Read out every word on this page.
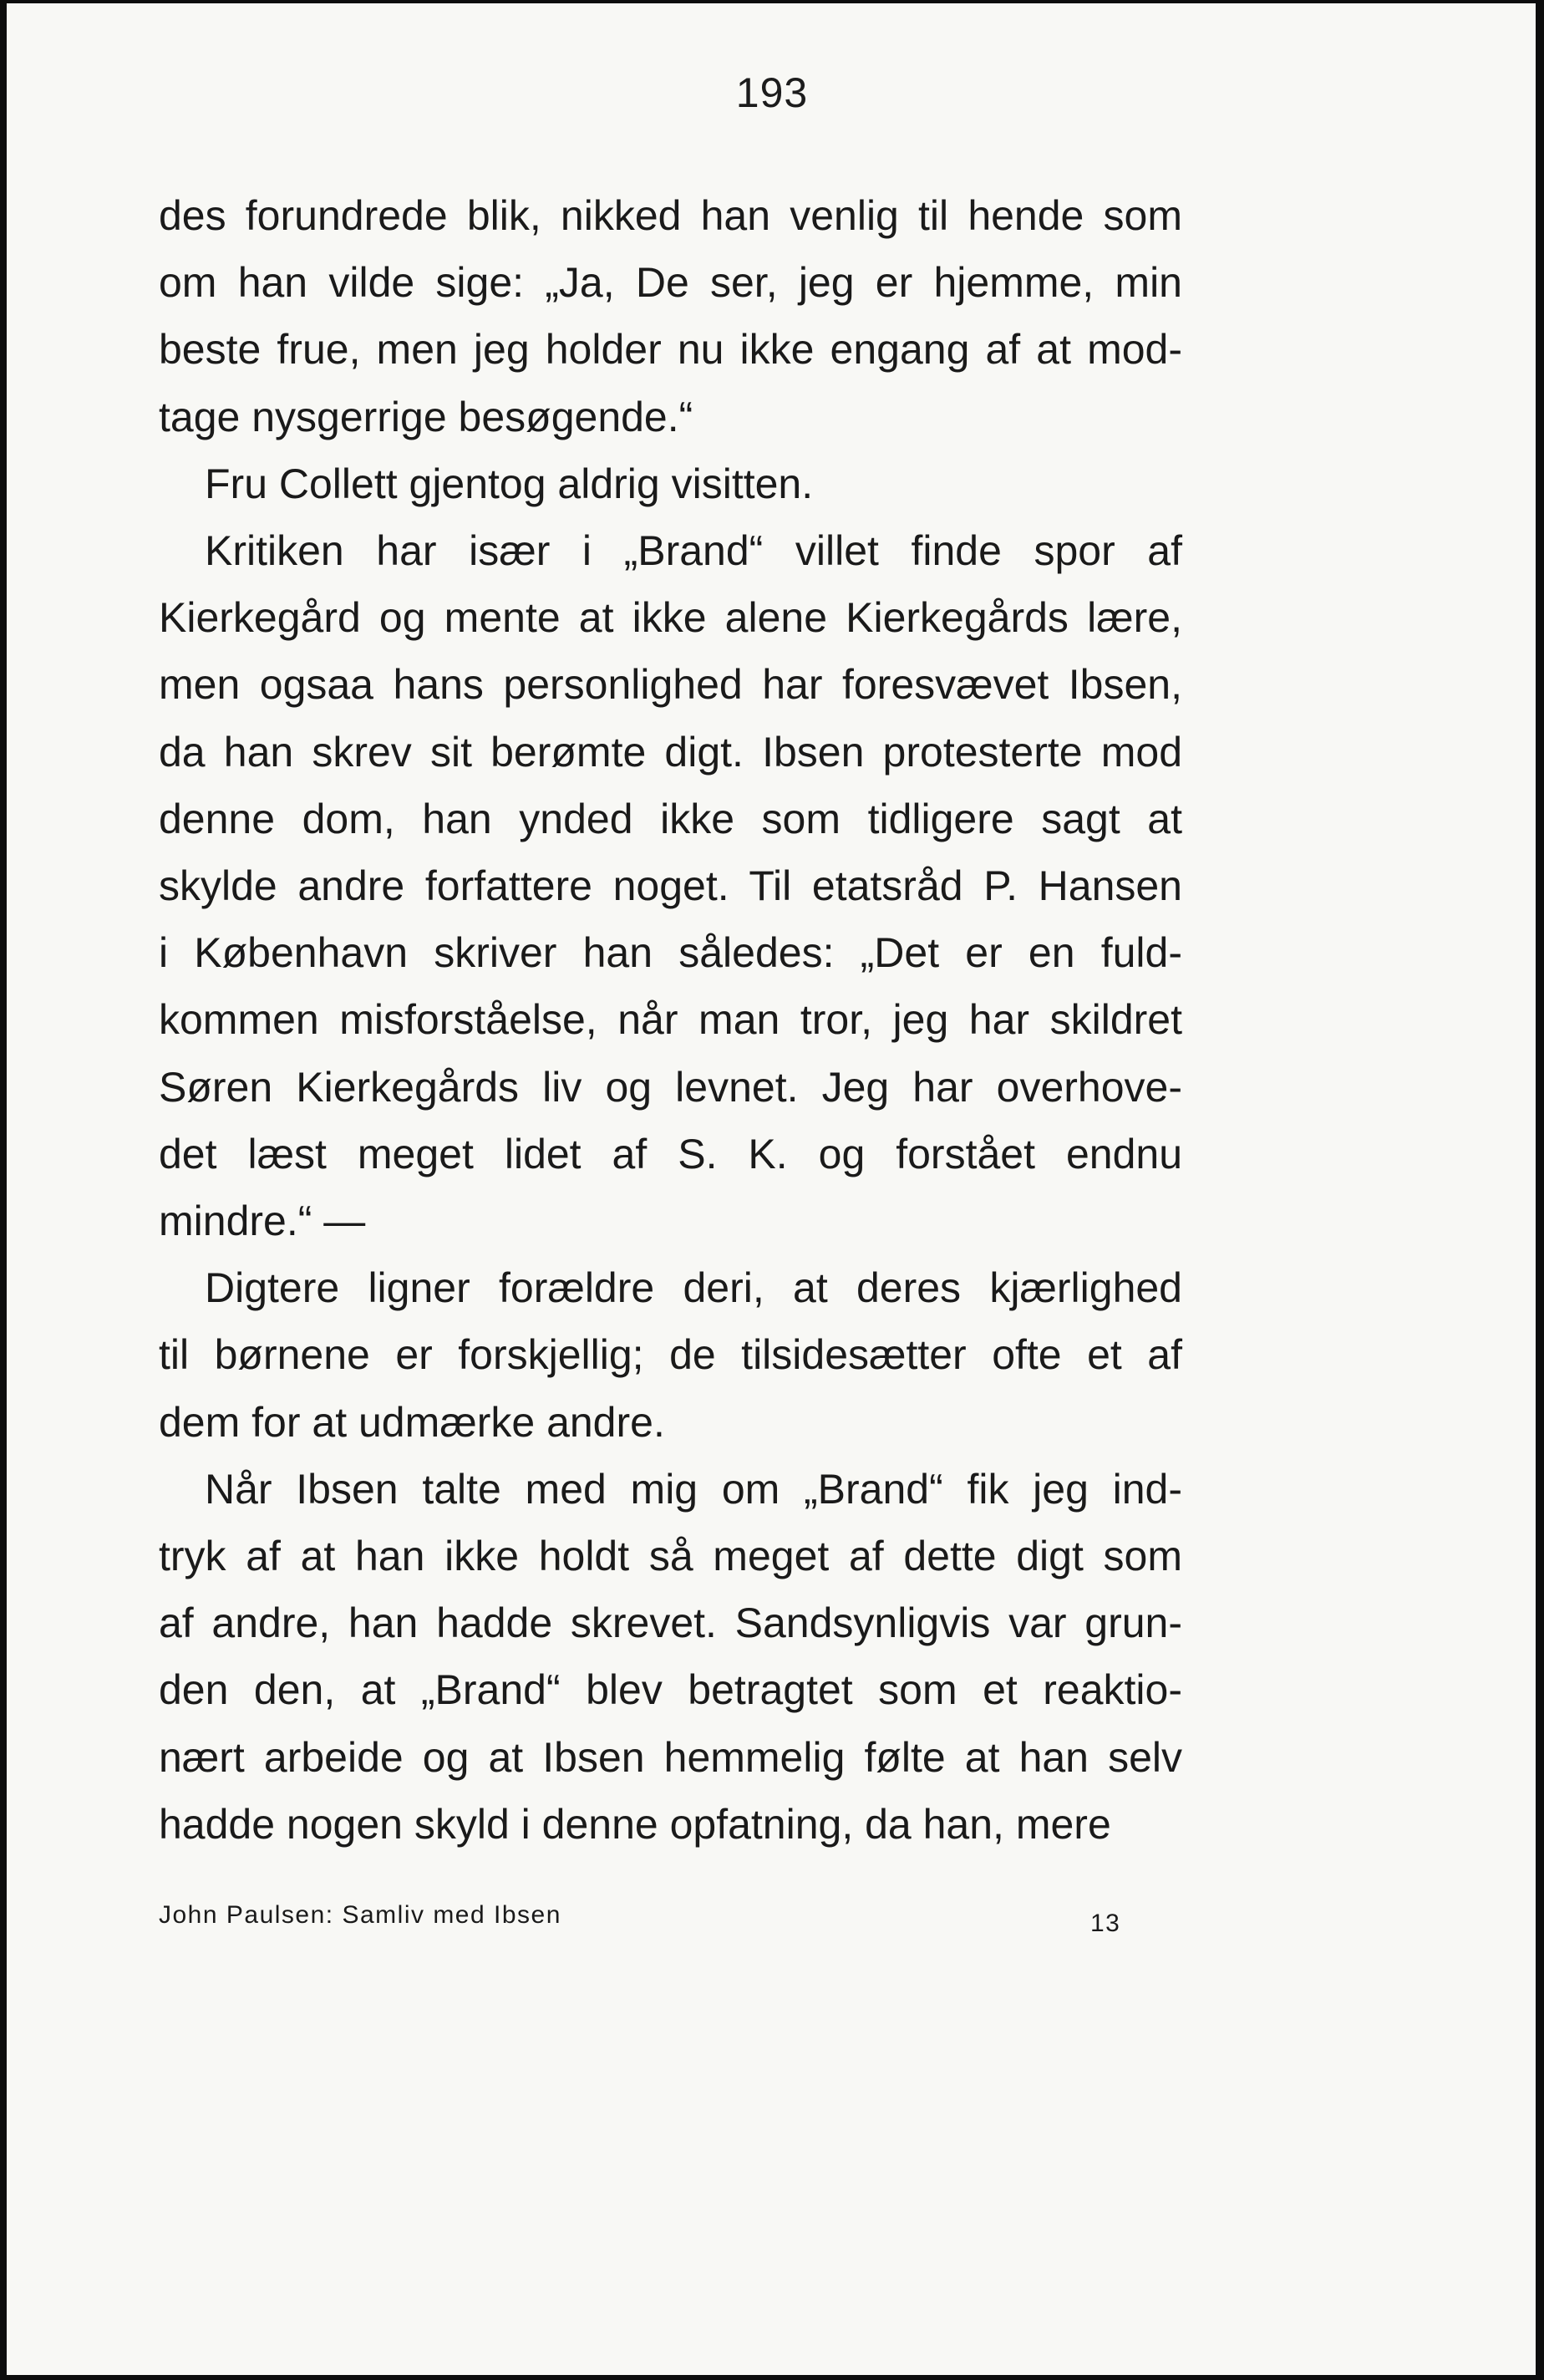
193
des forundrede blik, nikked han venlig til hende som
om han vilde sige: „Ja, De ser, jeg er hjemme, min
beste frue, men jeg holder nu ikke engang af at mod-
tage nysgerrige besøgende.“
Fru Collett gjentog aldrig visitten.
Kritiken har især i „Brand“ villet finde spor af
Kierkegård og mente at ikke alene Kierkegårds lære,
men ogsaa hans personlighed har foresvævet Ibsen,
da han skrev sit berømte digt. Ibsen protesterte mod
denne dom, han ynded ikke som tidligere sagt at
skylde andre forfattere noget. Til etatsråd P. Hansen
i København skriver han således: „Det er en fuld-
kommen misforståelse, når man tror, jeg har skildret
Søren Kierkegårds liv og levnet. Jeg har overhove-
det læst meget lidet af S. K. og forstået endnu
mindre.“ —
Digtere ligner forældre deri, at deres kjærlighed
til børnene er forskjellig; de tilsidesætter ofte et af
dem for at udmærke andre.
Når Ibsen talte med mig om „Brand“ fik jeg ind-
tryk af at han ikke holdt så meget af dette digt som
af andre, han hadde skrevet. Sandsynligvis var grun-
den den, at „Brand“ blev betragtet som et reaktio-
nært arbeide og at Ibsen hemmelig følte at han selv
hadde nogen skyld i denne opfatning, da han, mere
John Paulsen: Samliv med Ibsen	13
